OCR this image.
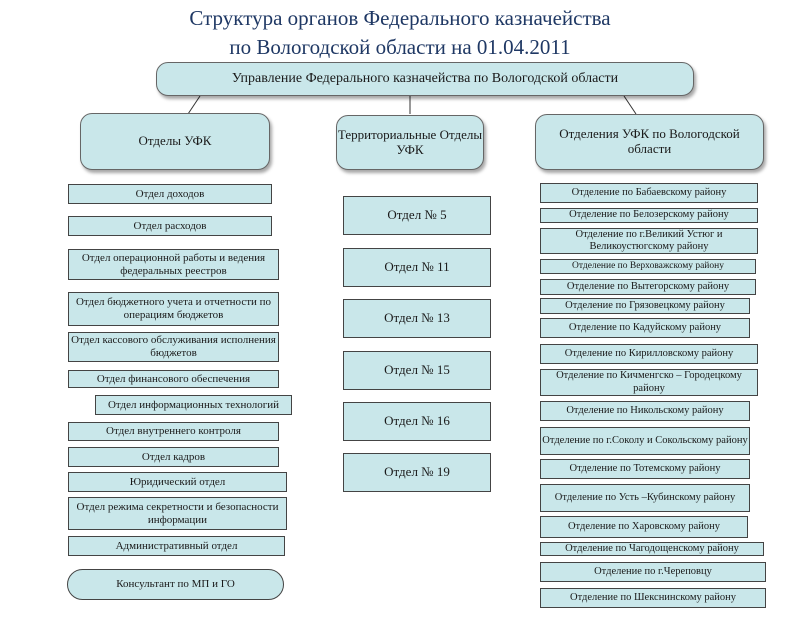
Структура органов Федерального казначейства
по Вологодской области на 01.04.2011
Управление Федерального казначейства по Вологодской области
Отделы УФК	Территориальные Отделы УФК
Отделения УФК по Вологодской области
Отдел доходов
Отдел расходов
Отдел операционной работы и ведения федеральных реестров
Отдел бюджетного учета и отчетности по операциям бюджетов
Отдел кассового обслуживания исполнения бюджетов
Отдел финансового обеспечения
Отдел информационных технологий
Отдел внутреннего контроля
Отдел кадров
Юридический отдел
Отдел режима секретности и безопасности информации
Административный отдел
Консультант по МП и ГО
Отдел № 5
Отдел № 11
Отдел № 13
Отдел № 15
Отдел № 16
Отдел № 19
Отделение по Бабаевскому району
Отделение по Белозерскому району
Отделение по г.Великий Устюг и Великоустюгскому району
Отделение по Верховажскому району
Отделение по Вытегорскому району
Отделение по Грязовецкому району
Отделение по Кадуйскому району
Отделение по Кирилловскому району
Отделение по Кичменгско – Городецкому району
Отделение по Никольскому району
Отделение по г.Соколу и Сокольскому району
Отделение по Тотемскому району
Отделение по Усть –Кубинскому району
Отделение по Харовскому району
Отделение по Чагодощенскому району
Отделение по г.Череповцу
Отделение по Шекснинскому району
